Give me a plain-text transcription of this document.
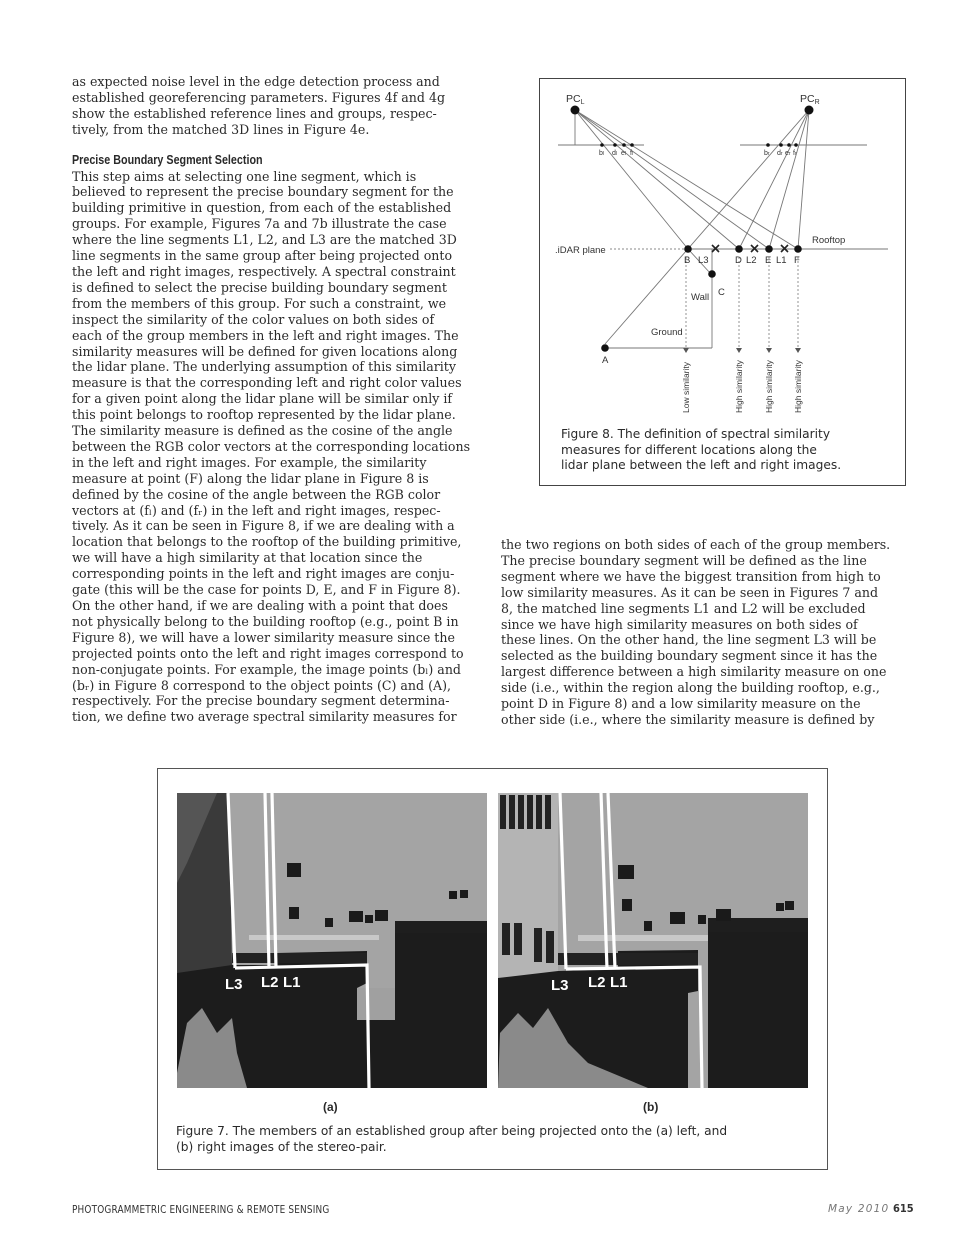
as expected noise level in the edge detection process and
established georeferencing parameters. Figures 4f and 4g
show the established reference lines and groups, respec-
tively, from the matched 3D lines in Figure 4e.

Precise Boundary Segment Selection

This step aims at selecting one line segment, which is
believed to represent the precise boundary segment for the
building primitive in question, from each of the established
groups. For example, Figures 7a and 7b illustrate the case
where the line segments L1, L2, and L3 are the matched 3D
line segments in the same group after being projected onto
the left and right images, respectively. A spectral constraint
is defined to select the precise building boundary segment
from the members of this group. For such a constraint, we
inspect the similarity of the color values on both sides of
each of the group members in the left and right images. The
similarity measures will be defined for given locations along
the lidar plane. The underlying assumption of this similarity
measure is that the corresponding left and right color values
for a given point along the lidar plane will be similar only if
this point belongs to rooftop represented by the lidar plane.
The similarity measure is defined as the cosine of the angle
between the RGB color vectors at the corresponding locations
in the left and right images. For example, the similarity
measure at point (F) along the lidar plane in Figure 8 is
defined by the cosine of the angle between the RGB color
vectors at (fₗ) and (fᵣ) in the left and right images, respec-
tively. As it can be seen in Figure 8, if we are dealing with a
location that belongs to the rooftop of the building primitive,
we will have a high similarity at that location since the
corresponding points in the left and right images are conju-
gate (this will be the case for points D, E, and F in Figure 8).
On the other hand, if we are dealing with a point that does
not physically belong to the building rooftop (e.g., point B in
Figure 8), we will have a lower similarity measure since the
projected points onto the left and right images correspond to
non-conjugate points. For example, the image points (bₗ) and
(bᵣ) in Figure 8 correspond to the object points (C) and (A),
respectively. For the precise boundary segment determina-
tion, we define two average spectral similarity measures for

PCL	PCR
bl dl el fl	br dr er fr
.iDAR plane
Rooftop
Wall
Ground
A
B
C
D E F
L3	L2 L1
Low similarity	High similarity High similarity High similarity
Figure 8. The definition of spectral similarity
measures for different locations along the
lidar plane between the left and right images.

the two regions on both sides of each of the group members.
The precise boundary segment will be defined as the line
segment where we have the biggest transition from high to
low similarity measures. As it can be seen in Figures 7 and
8, the matched line segments L1 and L2 will be excluded
since we have high similarity measures on both sides of
these lines. On the other hand, the line segment L3 will be
selected as the building boundary segment since it has the
largest difference between a high similarity measure on one
side (i.e., within the region along the building rooftop, e.g.,
point D in Figure 8) and a low similarity measure on the
other side (i.e., where the similarity measure is defined by

L3 L2 L1	L3 L2 L1
(a)	(b)
Figure 7. The members of an established group after being projected onto the (a) left, and
(b) right images of the stereo-pair.
PHOTOGRAMMETRIC ENGINEERING & REMOTE SENSING	May 2010 615
